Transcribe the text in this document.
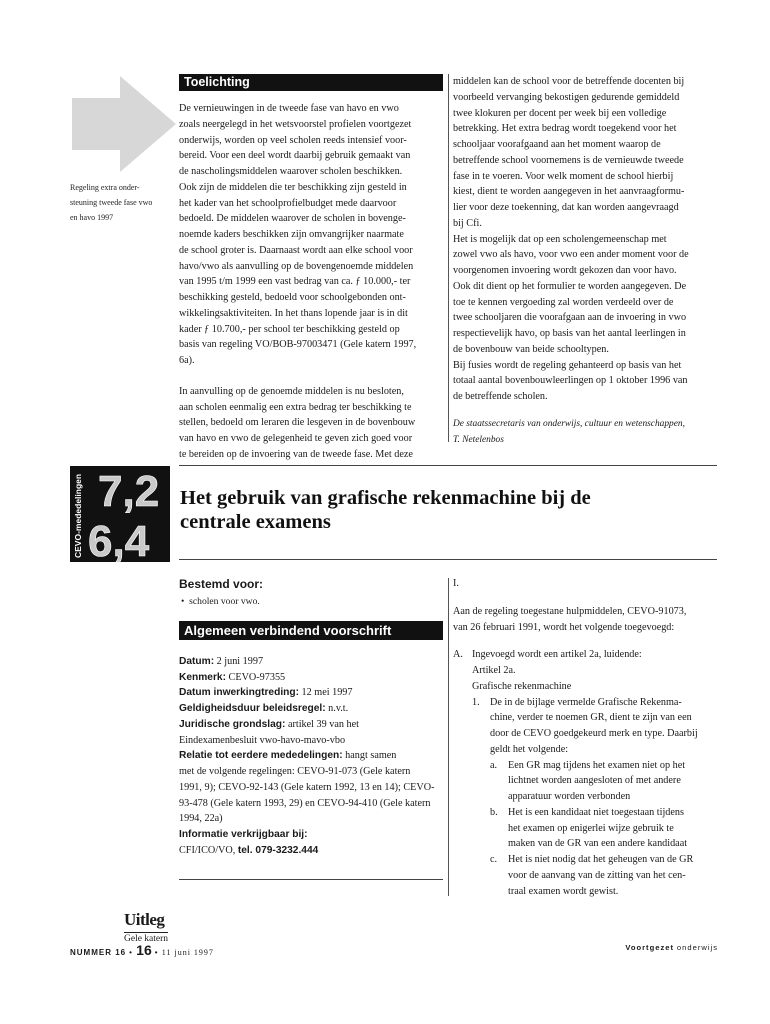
Regeling extra onder-
steuning tweede fase vwo
en havo 1997
Toelichting
De vernieuwingen in de tweede fase van havo en vwo
zoals neergelegd in het wetsvoorstel profielen voortgezet
onderwijs, worden op veel scholen reeds intensief voor-
bereid. Voor een deel wordt daarbij gebruik gemaakt van
de nascholingsmiddelen waarover scholen beschikken.
Ook zijn de middelen die ter beschikking zijn gesteld in
het kader van het schoolprofielbudget mede daarvoor
bedoeld. De middelen waarover de scholen in bovenge-
noemde kaders beschikken zijn omvangrijker naarmate
de school groter is. Daarnaast wordt aan elke school voor
havo/vwo als aanvulling op de bovengenoemde middelen
van 1995 t/m 1999 een vast bedrag van ca. ƒ 10.000,- ter
beschikking gesteld, bedoeld voor schoolgebonden ont-
wikkelingsaktiviteiten. In het thans lopende jaar is in dit
kader ƒ 10.700,- per school ter beschikking gesteld op
basis van regeling VO/BOB-97003471 (Gele katern 1997,
6a).
In aanvulling op de genoemde middelen is nu besloten,
aan scholen eenmalig een extra bedrag ter beschikking te
stellen, bedoeld om leraren die lesgeven in de bovenbouw
van havo en vwo de gelegenheid te geven zich goed voor
te bereiden op de invoering van de tweede fase. Met deze
middelen kan de school voor de betreffende docenten bij
voorbeeld vervanging bekostigen gedurende gemiddeld
twee klokuren per docent per week bij een volledige
betrekking. Het extra bedrag wordt toegekend voor het
schooljaar voorafgaand aan het moment waarop de
betreffende school voornemens is de vernieuwde tweede
fase in te voeren. Voor welk moment de school hierbij
kiest, dient te worden aangegeven in het aanvraagformu-
lier voor deze toekenning, dat kan worden aangevraagd
bij Cfi.
Het is mogelijk dat op een scholengemeenschap met
zowel vwo als havo, voor vwo een ander moment voor de
voorgenomen invoering wordt gekozen dan voor havo.
Ook dit dient op het formulier te worden aangegeven. De
toe te kennen vergoeding zal worden verdeeld over de
twee schooljaren die voorafgaan aan de invoering in vwo
respectievelijk havo, op basis van het aantal leerlingen in
de bovenbouw van beide schooltypen.
Bij fusies wordt de regeling gehanteerd op basis van het
totaal aantal bovenbouwleerlingen op 1 oktober 1996 van
de betreffende scholen.
De staatssecretaris van onderwijs, cultuur en wetenschappen,
T. Netelenbos
CEVO-mededelingen 7,2
6,4
Het gebruik van grafische rekenmachine bij de
centrale examens
Bestemd voor:
• scholen voor vwo.
Algemeen verbindend voorschrift
Datum: 2 juni 1997
Kenmerk: CEVO-97355
Datum inwerkingtreding: 12 mei 1997
Geldigheidsduur beleidsregel: n.v.t.
Juridische grondslag: artikel 39 van het
Eindexamenbesluit vwo-havo-mavo-vbo
Relatie tot eerdere mededelingen: hangt samen
met de volgende regelingen: CEVO-91-073 (Gele katern
1991, 9); CEVO-92-143 (Gele katern 1992, 13 en 14); CEVO-
93-478 (Gele katern 1993, 29) en CEVO-94-410 (Gele katern
1994, 22a)
Informatie verkrijgbaar bij:
CFI/ICO/VO, tel. 079-3232.444
I.
Aan de regeling toegestane hulpmiddelen, CEVO-91073,
van 26 februari 1991, wordt het volgende toegevoegd:
A. Ingevoegd wordt een artikel 2a, luidende:
Artikel 2a.
Grafische rekenmachine
1. De in de bijlage vermelde Grafische Rekenma-
chine, verder te noemen GR, dient te zijn van een
door de CEVO goedgekeurd merk en type. Daarbij
geldt het volgende:
a. Een GR mag tijdens het examen niet op het
lichtnet worden aangesloten of met andere
apparatuur worden verbonden
b. Het is een kandidaat niet toegestaan tijdens
het examen op enigerlei wijze gebruik te
maken van de GR van een andere kandidaat
c. Het is niet nodig dat het geheugen van de GR
voor de aanvang van de zitting van het cen-
traal examen wordt gewist.
Uitleg
Gele katern
NUMMER 16 • 16 • 11 juni 1997
Voortgezet onderwijs
